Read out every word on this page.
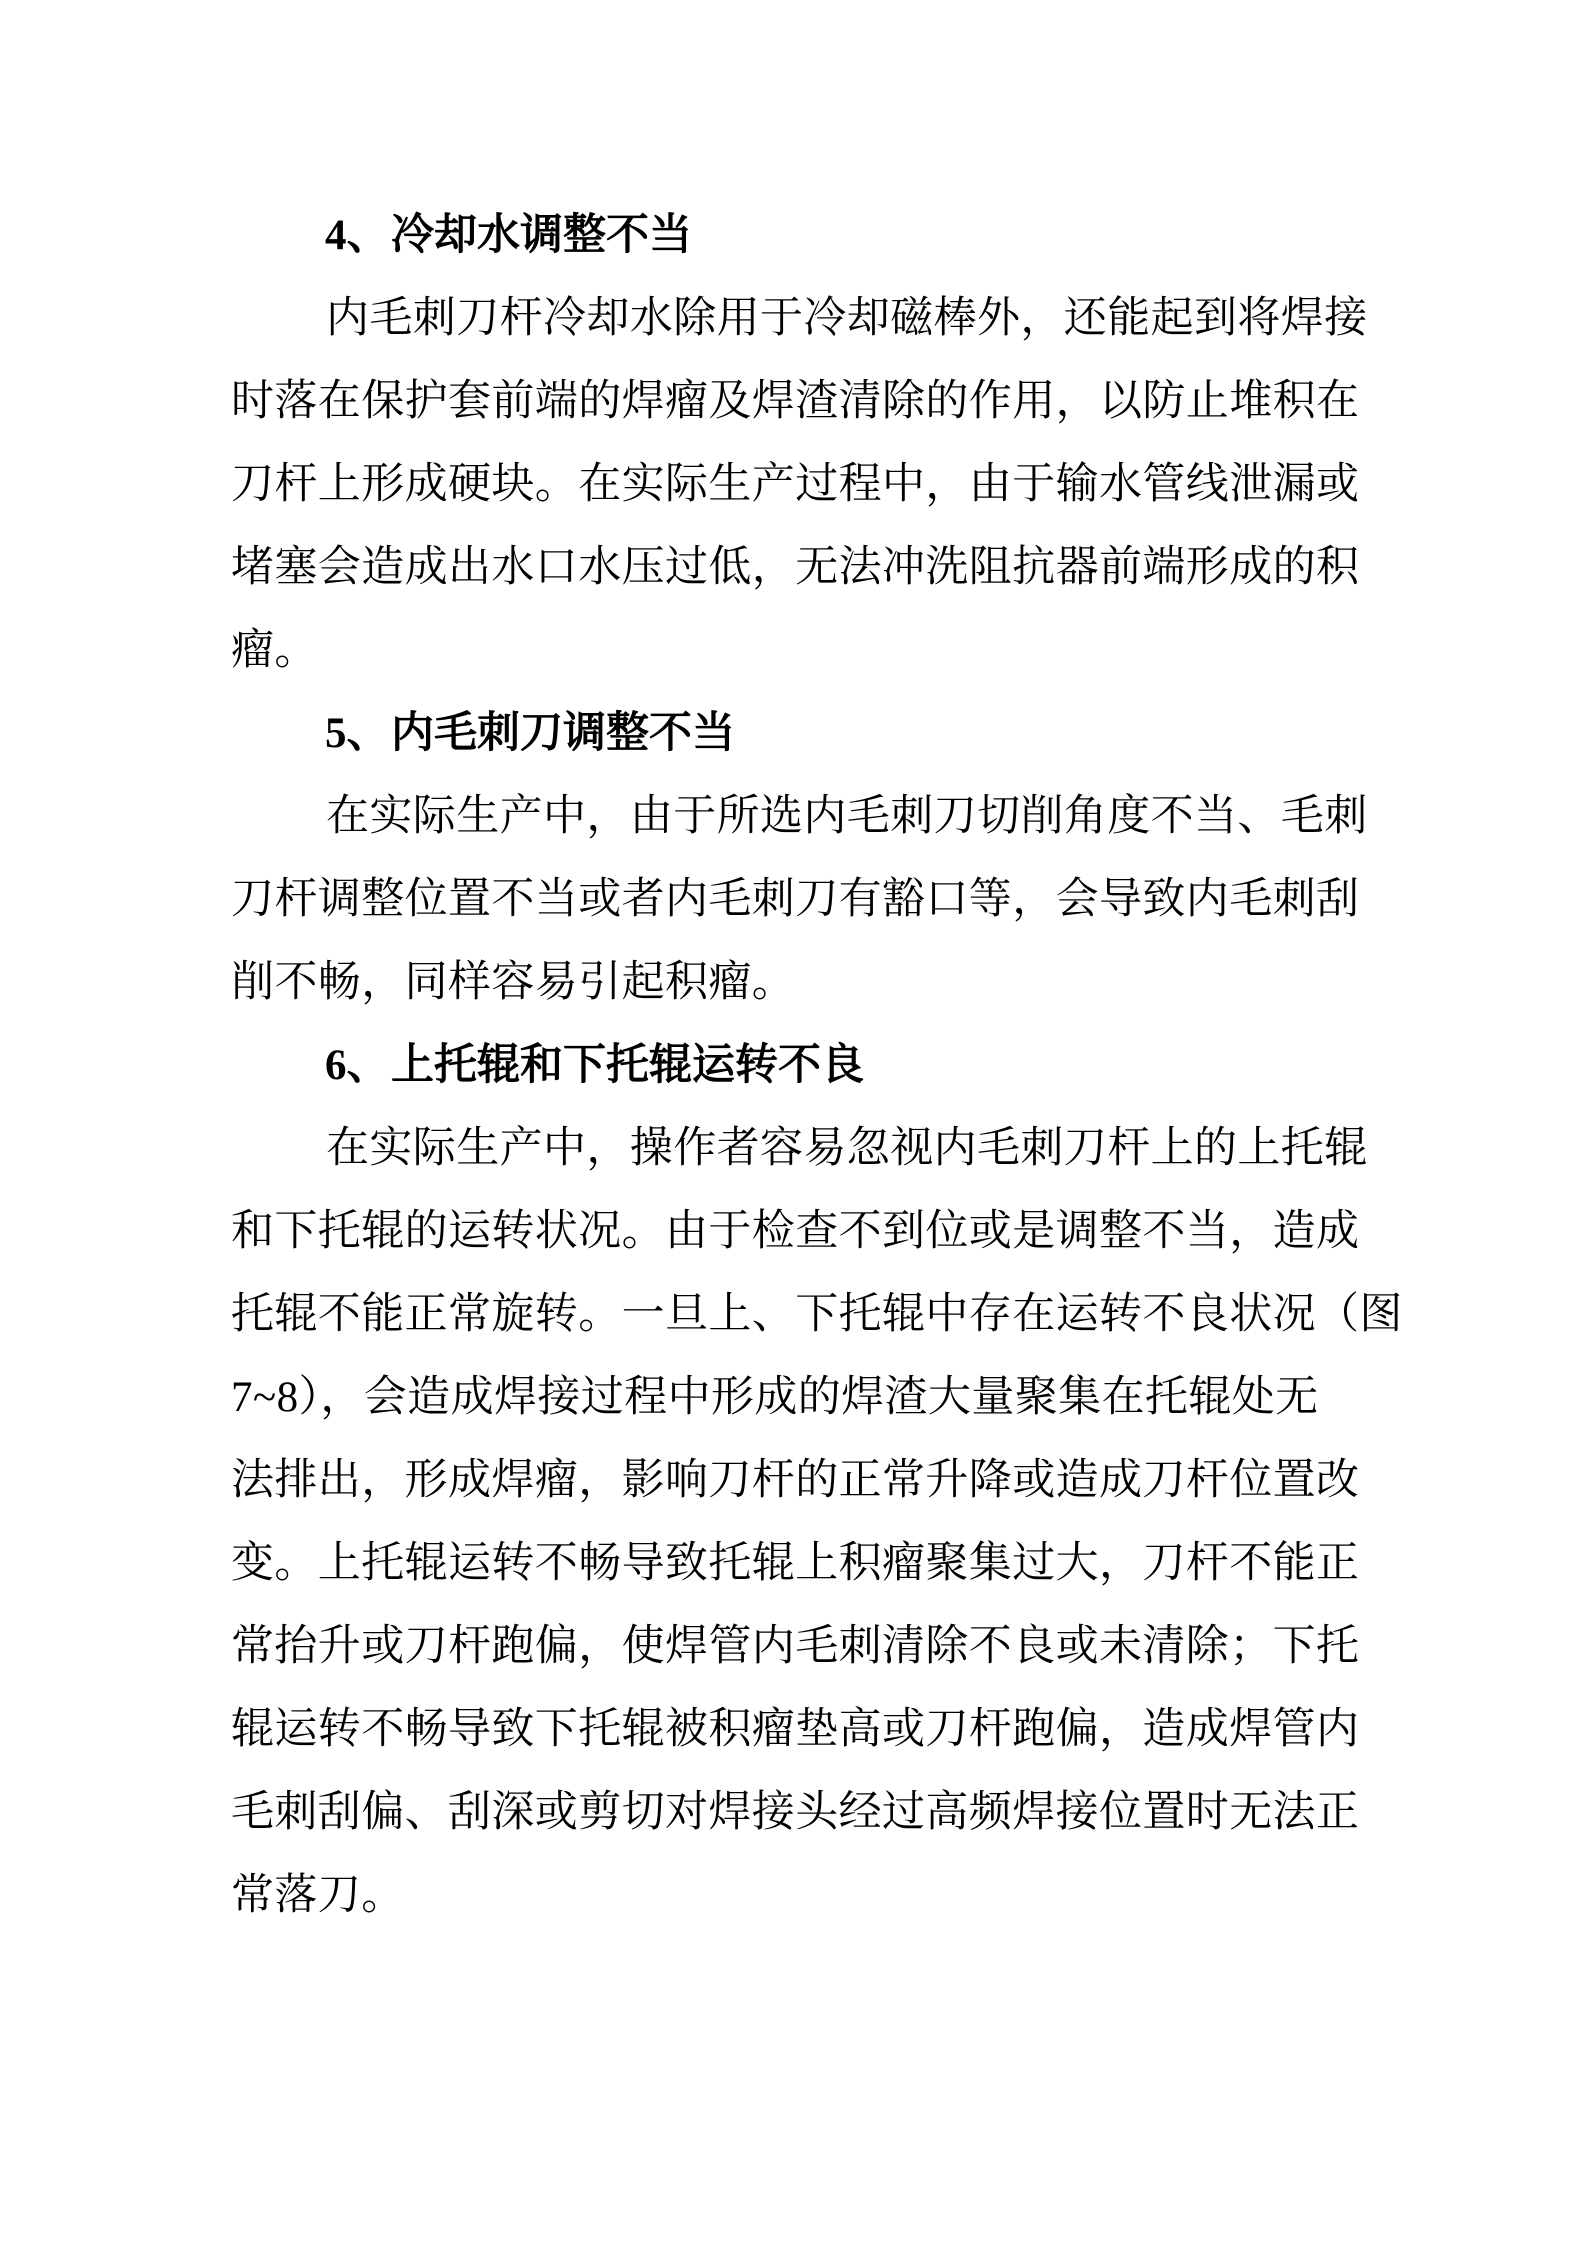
4、冷却水调整不当
内毛刺刀杆冷却水除用于冷却磁棒外，还能起到将焊接
时落在保护套前端的焊瘤及焊渣清除的作用，以防止堆积在
刀杆上形成硬块。在实际生产过程中，由于输水管线泄漏或
堵塞会造成出水口水压过低，无法冲洗阻抗器前端形成的积
瘤。
5、内毛刺刀调整不当
在实际生产中，由于所选内毛刺刀切削角度不当、毛刺
刀杆调整位置不当或者内毛刺刀有豁口等，会导致内毛刺刮
削不畅，同样容易引起积瘤。
6、上托辊和下托辊运转不良
在实际生产中，操作者容易忽视内毛刺刀杆上的上托辊
和下托辊的运转状况。由于检查不到位或是调整不当，造成
托辊不能正常旋转。一旦上、下托辊中存在运转不良状况（图
7~8），会造成焊接过程中形成的焊渣大量聚集在托辊处无
法排出，形成焊瘤，影响刀杆的正常升降或造成刀杆位置改
变。上托辊运转不畅导致托辊上积瘤聚集过大，刀杆不能正
常抬升或刀杆跑偏，使焊管内毛刺清除不良或未清除；下托
辊运转不畅导致下托辊被积瘤垫高或刀杆跑偏，造成焊管内
毛刺刮偏、刮深或剪切对焊接头经过高频焊接位置时无法正
常落刀。
